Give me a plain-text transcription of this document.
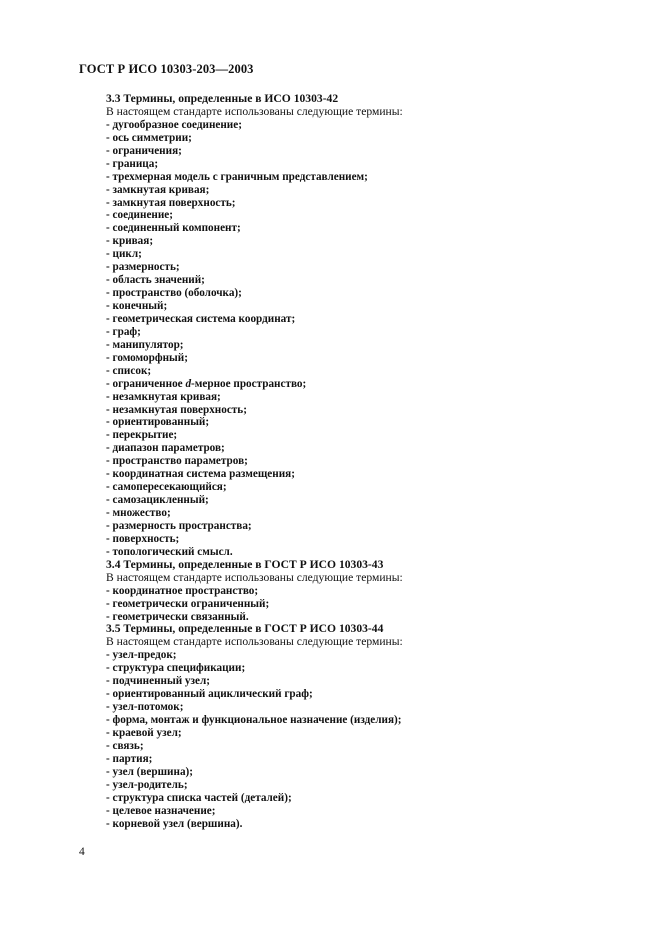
ГОСТ Р ИСО 10303-203—2003
3.3 Термины, определенные в ИСО 10303-42
В настоящем стандарте использованы следующие термины:
- дугообразное соединение;
- ось симметрии;
- ограничения;
- граница;
- трехмерная модель с граничным представлением;
- замкнутая кривая;
- замкнутая поверхность;
- соединение;
- соединенный компонент;
- кривая;
- цикл;
- размерность;
- область значений;
- пространство (оболочка);
- конечный;
- геометрическая система координат;
- граф;
- манипулятор;
- гомоморфный;
- список;
- ограниченное d-мерное пространство;
- незамкнутая кривая;
- незамкнутая поверхность;
- ориентированный;
- перекрытие;
- диапазон параметров;
- пространство параметров;
- координатная система размещения;
- самопересекающийся;
- самозацикленный;
- множество;
- размерность пространства;
- поверхность;
- топологический смысл.
3.4 Термины, определенные в ГОСТ Р ИСО 10303-43
В настоящем стандарте использованы следующие термины:
- координатное пространство;
- геометрически ограниченный;
- геометрически связанный.
3.5 Термины, определенные в ГОСТ Р ИСО 10303-44
В настоящем стандарте использованы следующие термины:
- узел-предок;
- структура спецификации;
- подчиненный узел;
- ориентированный ациклический граф;
- узел-потомок;
- форма, монтаж и функциональное назначение (изделия);
- краевой узел;
- связь;
- партия;
- узел (вершина);
- узел-родитель;
- структура списка частей (деталей);
- целевое назначение;
- корневой узел (вершина).
4
